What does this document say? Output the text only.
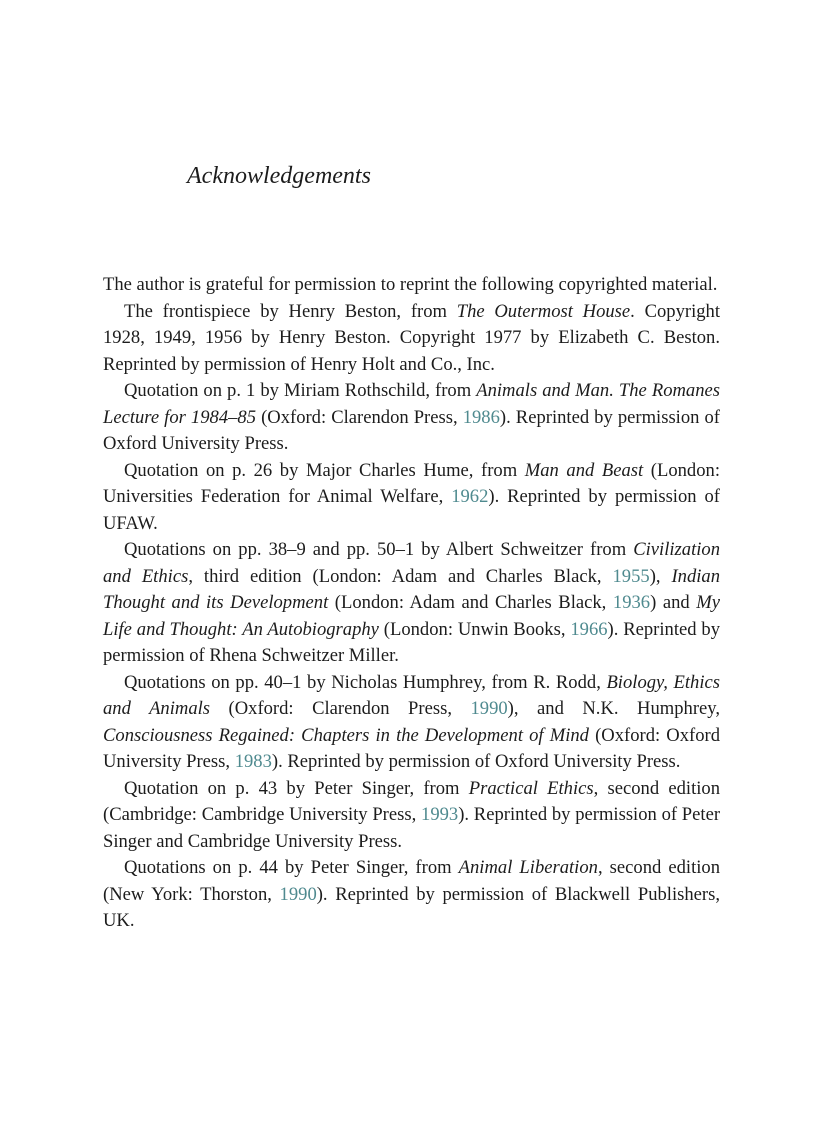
Acknowledgements

The author is grateful for permission to reprint the following copyrighted material.

The frontispiece by Henry Beston, from The Outermost House. Copyright 1928, 1949, 1956 by Henry Beston. Copyright 1977 by Elizabeth C. Beston. Reprinted by permission of Henry Holt and Co., Inc.

Quotation on p. 1 by Miriam Rothschild, from Animals and Man. The Romanes Lecture for 1984–85 (Oxford: Clarendon Press, 1986). Reprinted by permission of Oxford University Press.

Quotation on p. 26 by Major Charles Hume, from Man and Beast (London: Universities Federation for Animal Welfare, 1962). Reprinted by permission of UFAW.

Quotations on pp. 38–9 and pp. 50–1 by Albert Schweitzer from Civilization and Ethics, third edition (London: Adam and Charles Black, 1955), Indian Thought and its Development (London: Adam and Charles Black, 1936) and My Life and Thought: An Autobiography (London: Unwin Books, 1966). Reprinted by permission of Rhena Schweitzer Miller.

Quotations on pp. 40–1 by Nicholas Humphrey, from R. Rodd, Biology, Ethics and Animals (Oxford: Clarendon Press, 1990), and N.K. Humphrey, Consciousness Regained: Chapters in the Development of Mind (Oxford: Oxford University Press, 1983). Reprinted by permission of Oxford University Press.

Quotation on p. 43 by Peter Singer, from Practical Ethics, second edition (Cambridge: Cambridge University Press, 1993). Reprinted by permission of Peter Singer and Cambridge University Press.

Quotations on p. 44 by Peter Singer, from Animal Liberation, second edition (New York: Thorston, 1990). Reprinted by permission of Blackwell Publishers, UK.
